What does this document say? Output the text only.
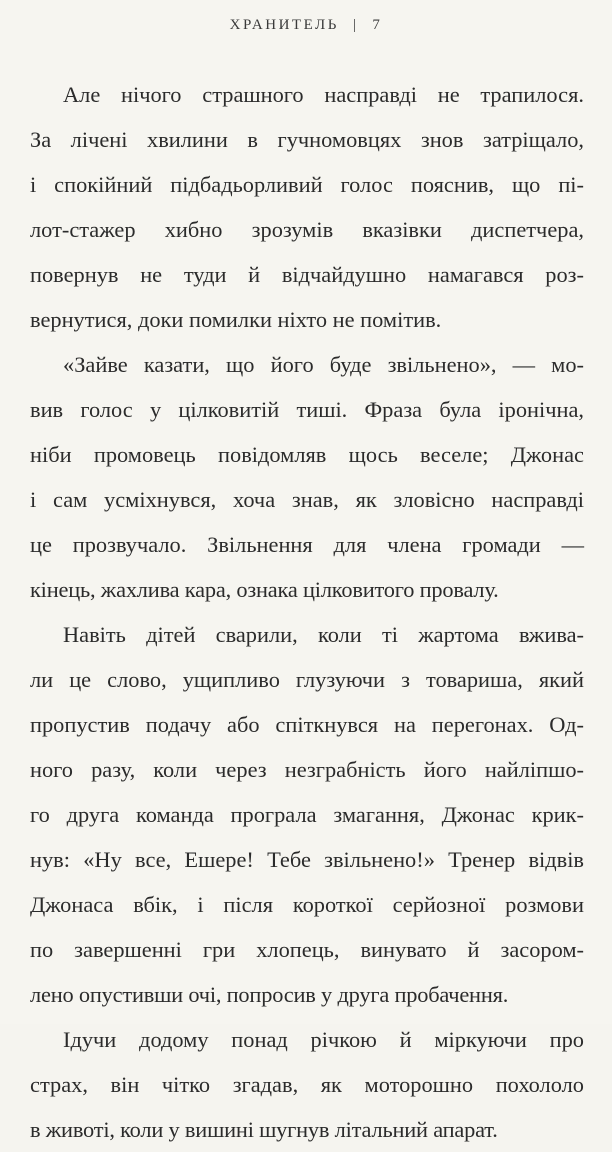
ХРАНИТЕЛЬ | 7
Але нічого страшного насправді не трапилося.
За лічені хвилини в гучномовцях знов затріщало,
і спокійний підбадьорливий голос пояснив, що пі-
лот-стажер хибно зрозумів вказівки диспетчера,
повернув не туди й відчайдушно намагався роз-
вернутися, доки помилки ніхто не помітив.
«Зайве казати, що його буде звільнено», — мо-
вив голос у цілковитій тиші. Фраза була іронічна,
ніби промовець повідомляв щось веселе; Джонас
і сам усміхнувся, хоча знав, як зловісно насправді
це прозвучало. Звільнення для члена громади —
кінець, жахлива кара, ознака цілковитого провалу.
Навіть дітей сварили, коли ті жартома вжива-
ли це слово, ущипливо глузуючи з товариша, який
пропустив подачу або спіткнувся на перегонах. Од-
ного разу, коли через незграбність його найліпшо-
го друга команда програла змагання, Джонас крик-
нув: «Ну все, Ешере! Тебе звільнено!» Тренер відвів
Джонаса вбік, і після короткої серйозної розмови
по завершенні гри хлопець, винувато й засором-
лено опустивши очі, попросив у друга пробачення.
Ідучи додому понад річкою й міркуючи про
страх, він чітко згадав, як моторошно похололо
в животі, коли у вишині шугнув літальний апарат.
